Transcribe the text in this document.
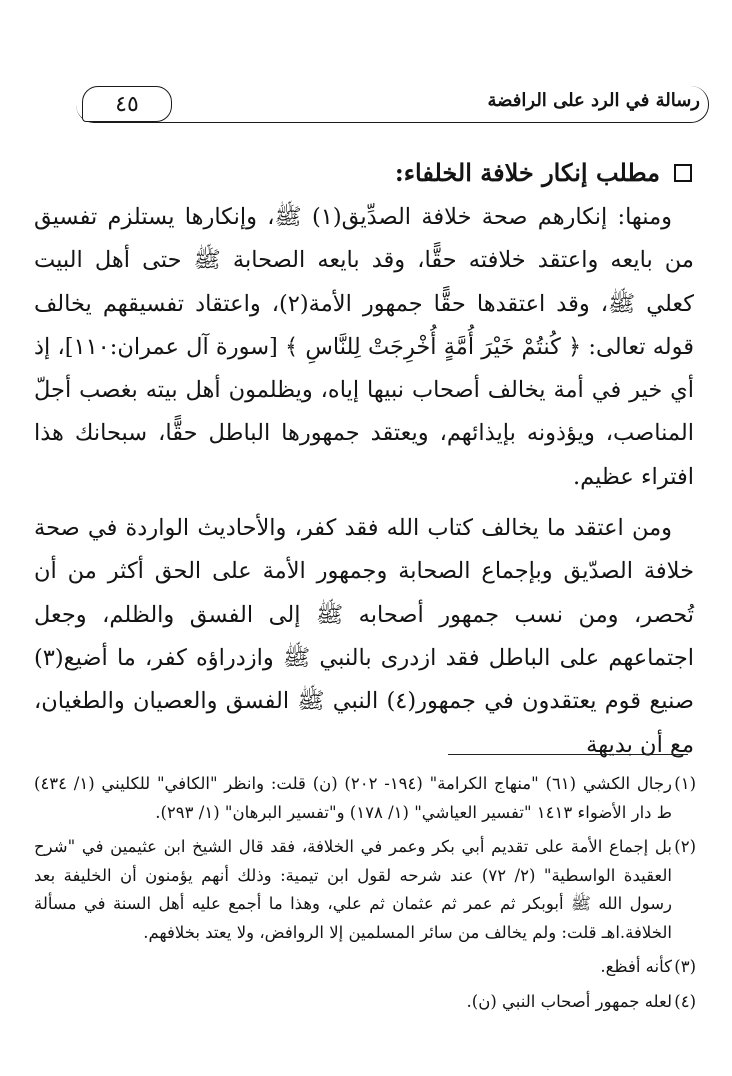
٤٥	رسالة في الرد على الرافضة
مطلب إنكار خلافة الخلفاء:

ومنها: إنكارهم صحة خلافة الصدِّيق(١) ﷺ، وإنكارها يستلزم تفسيق من بايعه واعتقد خلافته حقًّا، وقد بايعه الصحابة ﷺ حتى أهل البيت كعلي ﷺ، وقد اعتقدها حقًّا جمهور الأمة(٢)، واعتقاد تفسيقهم يخالف قوله تعالى: ﴿ كُنتُمْ خَيْرَ أُمَّةٍ أُخْرِجَتْ لِلنَّاسِ ﴾ [سورة آل عمران:١١٠]، إذ أي خير في أمة يخالف أصحاب نبيها إياه، ويظلمون أهل بيته بغصب أجلّ المناصب، ويؤذونه بإيذائهم، ويعتقد جمهورها الباطل حقًّا، سبحانك هذا افتراء عظيم.

ومن اعتقد ما يخالف كتاب الله فقد كفر، والأحاديث الواردة في صحة خلافة الصدّيق وبإجماع الصحابة وجمهور الأمة على الحق أكثر من أن تُحصر، ومن نسب جمهور أصحابه ﷺ إلى الفسق والظلم، وجعل اجتماعهم على الباطل فقد ازدرى بالنبي ﷺ وازدراؤه كفر، ما أضيع(٣) صنيع قوم يعتقدون في جمهور(٤) النبي ﷺ الفسق والعصيان والطغيان، مع أن بديهة

(١)
رجال الكشي (٦١) "منهاج الكرامة" (١٩٤- ٢٠٢) (ن) قلت: وانظر "الكافي" للكليني (١/ ٤٣٤) ط دار الأضواء ١٤١٣ "تفسير العياشي" (١/ ١٧٨) و"تفسير البرهان" (١/ ٢٩٣).

(٢)
بل إجماع الأمة على تقديم أبي بكر وعمر في الخلافة، فقد قال الشيخ ابن عثيمين في "شرح العقيدة الواسطية" (٢/ ٧٢) عند شرحه لقول ابن تيمية: وذلك أنهم يؤمنون أن الخليفة بعد رسول الله ﷺ أبوبكر ثم عمر ثم عثمان ثم علي، وهذا ما أجمع عليه أهل السنة في مسألة الخلافة.اهـ قلت: ولم يخالف من سائر المسلمين إلا الروافض، ولا يعتد بخلافهم.

(٣)
كأنه أفظع.

(٤)
لعله جمهور أصحاب النبي (ن).
